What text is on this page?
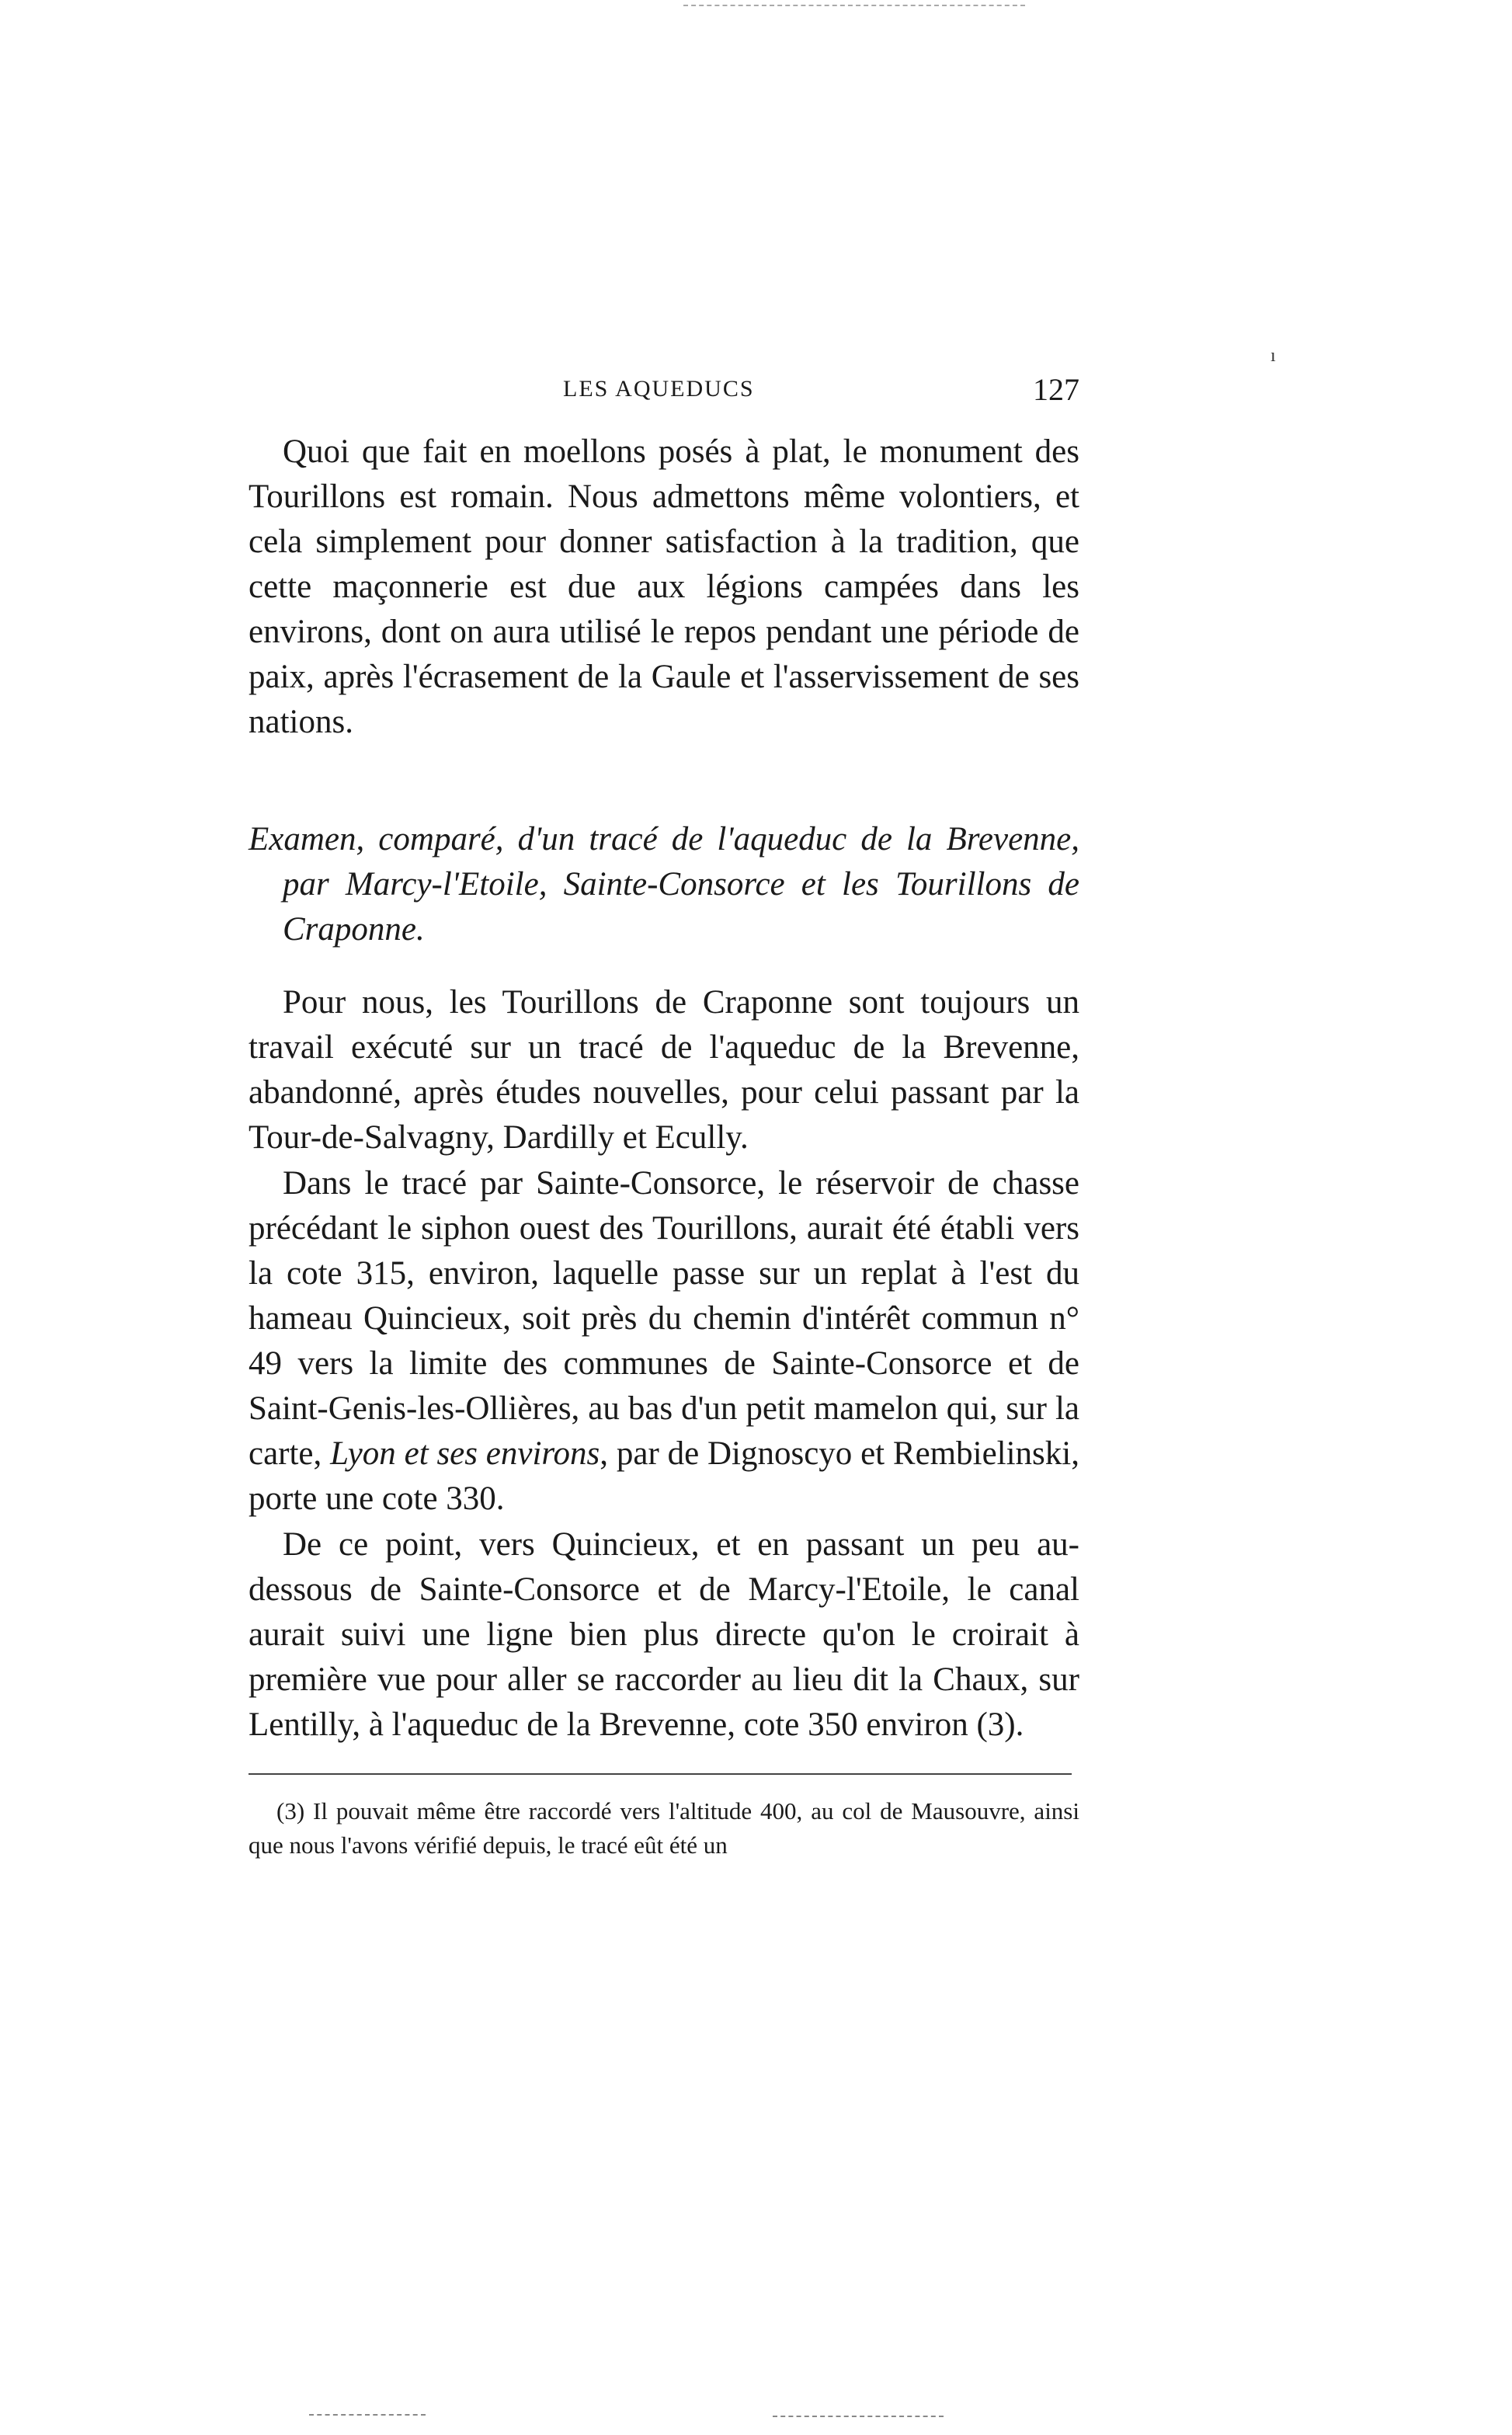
ı
LES AQUEDUCS	127

Quoi que fait en moellons posés à plat, le monument des Tourillons est romain. Nous admettons même volontiers, et cela simplement pour donner satisfaction à la tradition, que cette maçonnerie est due aux légions campées dans les environs, dont on aura utilisé le repos pendant une période de paix, après l'écrasement de la Gaule et l'asservissement de ses nations.

Examen, comparé, d'un tracé de l'aqueduc de la Brevenne, par Marcy-l'Etoile, Sainte-Consorce et les Tourillons de Craponne.

Pour nous, les Tourillons de Craponne sont toujours un travail exécuté sur un tracé de l'aqueduc de la Brevenne, abandonné, après études nouvelles, pour celui passant par la Tour-de-Salvagny, Dardilly et Ecully.

Dans le tracé par Sainte-Consorce, le réservoir de chasse précédant le siphon ouest des Tourillons, aurait été établi vers la cote 315, environ, laquelle passe sur un replat à l'est du hameau Quincieux, soit près du chemin d'intérêt commun n° 49 vers la limite des communes de Sainte-Consorce et de Saint-Genis-les-Ollières, au bas d'un petit mamelon qui, sur la carte, Lyon et ses environs, par de Dignoscyo et Rembielinski, porte une cote 330.

De ce point, vers Quincieux, et en passant un peu au-dessous de Sainte-Consorce et de Marcy-l'Etoile, le canal aurait suivi une ligne bien plus directe qu'on le croirait à première vue pour aller se raccorder au lieu dit la Chaux, sur Lentilly, à l'aqueduc de la Brevenne, cote 350 environ (3).

(3) Il pouvait même être raccordé vers l'altitude 400, au col de Mausouvre, ainsi que nous l'avons vérifié depuis, le tracé eût été un
